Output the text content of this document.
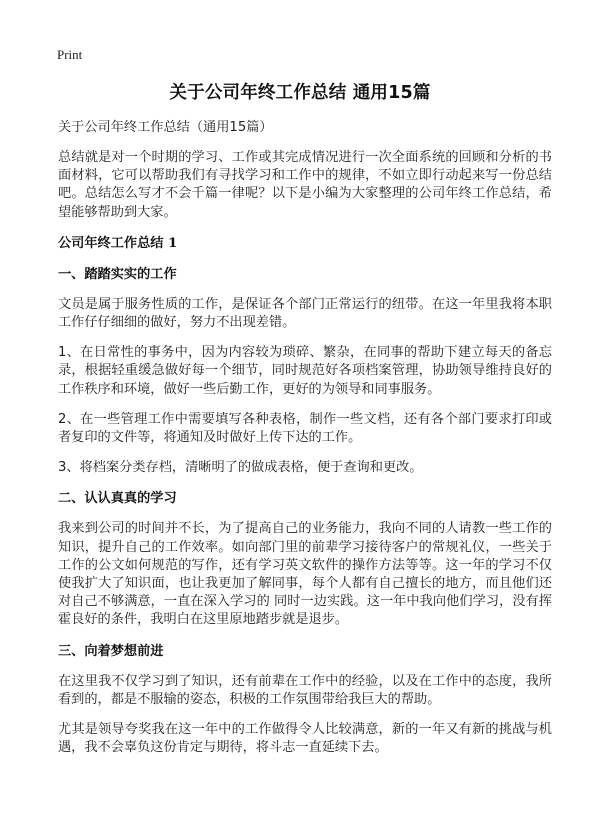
Print
关于公司年终工作总结 通用15篇
关于公司年终工作总结（通用15篇）

总结就是对一个时期的学习、工作或其完成情况进行一次全面系统的回顾和分析的书面材料，它可以帮助我们有寻找学习和工作中的规律，不如立即行动起来写一份总结吧。总结怎么写才不会千篇一律呢？以下是小编为大家整理的公司年终工作总结，希望能够帮助到大家。

公司年终工作总结 1
一、踏踏实实的工作

文员是属于服务性质的工作，是保证各个部门正常运行的纽带。在这一年里我将本职工作仔仔细细的做好，努力不出现差错。

1、在日常性的事务中，因为内容较为琐碎、繁杂，在同事的帮助下建立每天的备忘录，根据轻重缓急做好每一个细节，同时规范好各项档案管理，协助领导维持良好的工作秩序和环境，做好一些后勤工作，更好的为领导和同事服务。

2、在一些管理工作中需要填写各种表格，制作一些文档，还有各个部门要求打印或者复印的文件等，将通知及时做好上传下达的工作。

3、将档案分类存档，清晰明了的做成表格，便于查询和更改。

二、认认真真的学习

我来到公司的时间并不长，为了提高自己的业务能力，我向不同的人请教一些工作的知识，提升自己的工作效率。如向部门里的前辈学习接待客户的常规礼仪，一些关于工作的公文如何规范的写作，还有学习英文软件的操作方法等等。这一年的学习不仅使我扩大了知识面，也让我更加了解同事，每个人都有自己擅长的地方，而且他们还对自己不够满意，一直在深入学习的 同时一边实践。这一年中我向他们学习，没有挥霍良好的条件，我明白在这里原地踏步就是退步。

三、向着梦想前进

在这里我不仅学习到了知识，还有前辈在工作中的经验，以及在工作中的态度，我所看到的，都是不服输的姿态，积极的工作氛围带给我巨大的帮助。

尤其是领导夸奖我在这一年中的工作做得令人比较满意，新的一年又有新的挑战与机遇，我不会辜负这份肯定与期待，将斗志一直延续下去。
